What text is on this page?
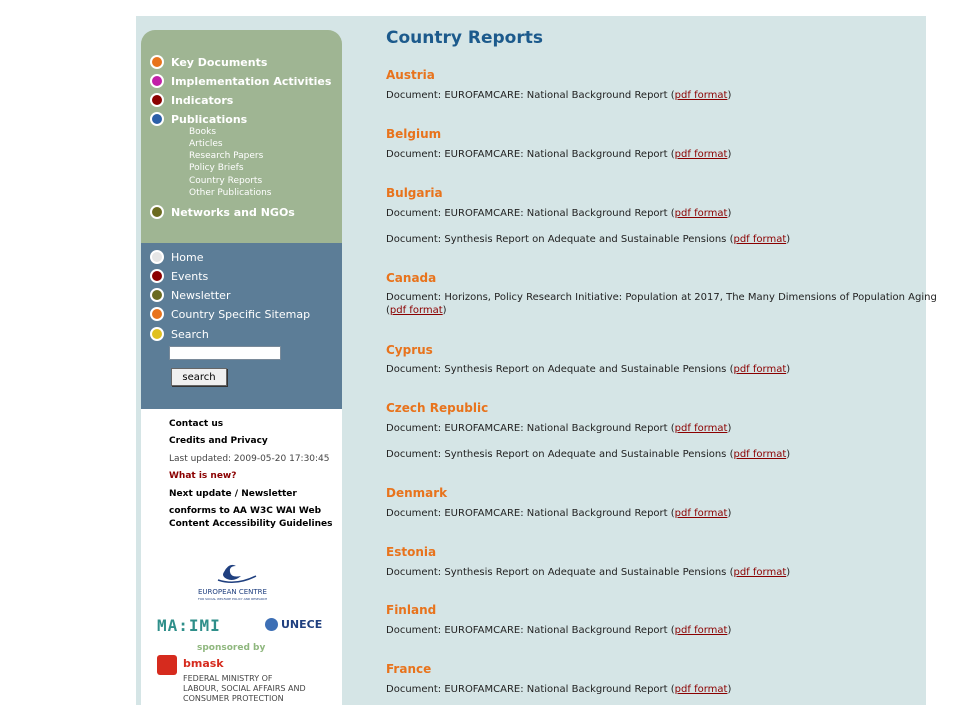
Key Documents
Implementation Activities
Indicators
Publications
Books
Articles
Research Papers
Policy Briefs
Country Reports
Other Publications
Networks and NGOs
Home
Events
Newsletter
Country Specific Sitemap
Search
search
Contact us
Credits and Privacy
Last updated: 2009-05-20 17:30:45
What is new?
Next update / Newsletter
conforms to AA W3C WAI Web
Content Accessibility Guidelines
EUROPEAN CENTRE
FOR SOCIAL WELFARE POLICY AND RESEARCH
MA:IMI	UNECE
sponsored by
bmask
FEDERAL MINISTRY OF
LABOUR, SOCIAL AFFAIRS AND
CONSUMER PROTECTION
Country Reports
Austria
Document: EUROFAMCARE: National Background Report (pdf format)
Belgium
Document: EUROFAMCARE: National Background Report (pdf format)
Bulgaria
Document: EUROFAMCARE: National Background Report (pdf format)
Document: Synthesis Report on Adequate and Sustainable Pensions (pdf format)
Canada
Document: Horizons, Policy Research Initiative: Population at 2017, The Many Dimensions of Population Aging
(pdf format)
Cyprus
Document: Synthesis Report on Adequate and Sustainable Pensions (pdf format)
Czech Republic
Document: EUROFAMCARE: National Background Report (pdf format)
Document: Synthesis Report on Adequate and Sustainable Pensions (pdf format)
Denmark
Document: EUROFAMCARE: National Background Report (pdf format)
Estonia
Document: Synthesis Report on Adequate and Sustainable Pensions (pdf format)
Finland
Document: EUROFAMCARE: National Background Report (pdf format)
France
Document: EUROFAMCARE: National Background Report (pdf format)
